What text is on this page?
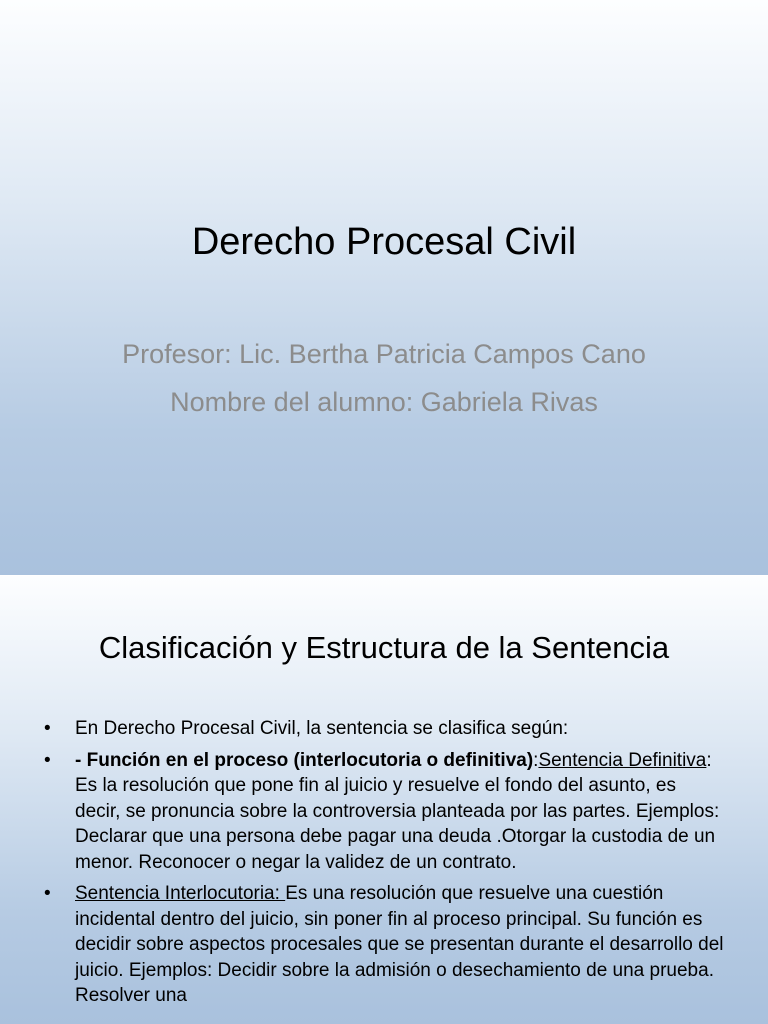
Derecho Procesal Civil

Profesor: Lic. Bertha Patricia Campos Cano

Nombre del alumno: Gabriela Rivas

Clasificación y Estructura de la Sentencia
• En Derecho Procesal Civil, la sentencia se clasifica según:
• - Función en el proceso (interlocutoria o definitiva):Sentencia Definitiva: Es la resolución que pone fin al juicio y resuelve el fondo del asunto, es decir, se pronuncia sobre la controversia planteada por las partes. Ejemplos: Declarar que una persona debe pagar una deuda .Otorgar la custodia de un menor. Reconocer o negar la validez de un contrato.
• Sentencia Interlocutoria: Es una resolución que resuelve una cuestión incidental dentro del juicio, sin poner fin al proceso principal. Su función es decidir sobre aspectos procesales que se presentan durante el desarrollo del juicio. Ejemplos: Decidir sobre la admisión o desechamiento de una prueba. Resolver una
